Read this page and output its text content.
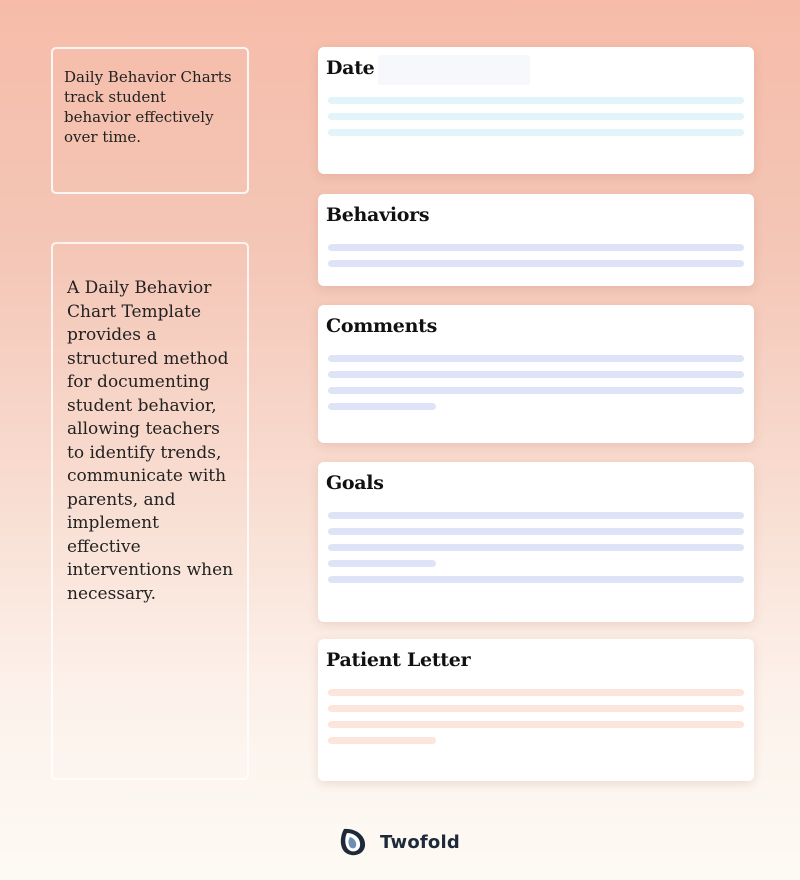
Daily Behavior Charts track student behavior effectively over time.
A Daily Behavior Chart Template provides a structured method for documenting student behavior, allowing teachers to identify trends, communicate with parents, and implement effective interventions when necessary.
Date
Behaviors
Comments
Goals
Patient Letter
Twofold
